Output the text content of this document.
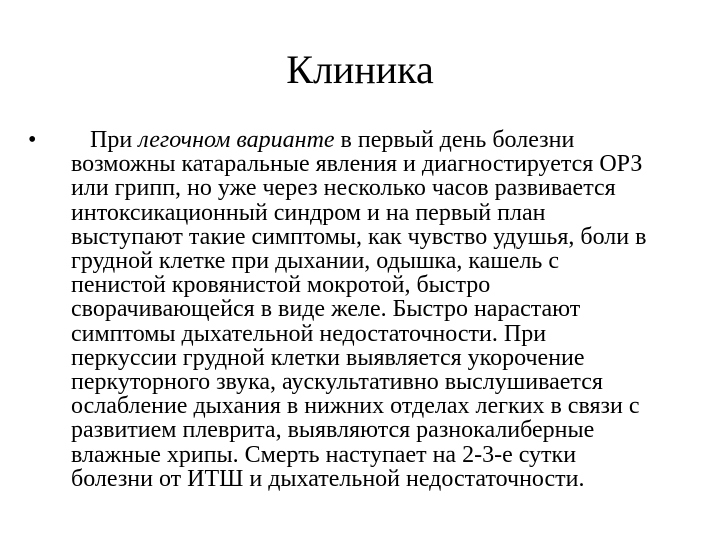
Клиника
•	При легочном варианте в первый день болезни
возможны катаральные явления и диагностируется ОРЗ
или грипп, но уже через несколько часов развивается
интоксикационный синдром и на первый план
выступают такие симптомы, как чувство удушья, боли в
грудной клетке при дыхании, одышка, кашель с
пенистой кровянистой мокротой, быстро
сворачивающейся в виде желе. Быстро нарастают
симптомы дыхательной недостаточности. При
перкуссии грудной клетки выявляется укорочение
перкуторного звука, аускультативно выслушивается
ослабление дыхания в нижних отделах легких в связи с
развитием плеврита, выявляются разнокалиберные
влажные хрипы. Смерть наступает на 2-3-е сутки
болезни от ИТШ и дыхательной недостаточности.
